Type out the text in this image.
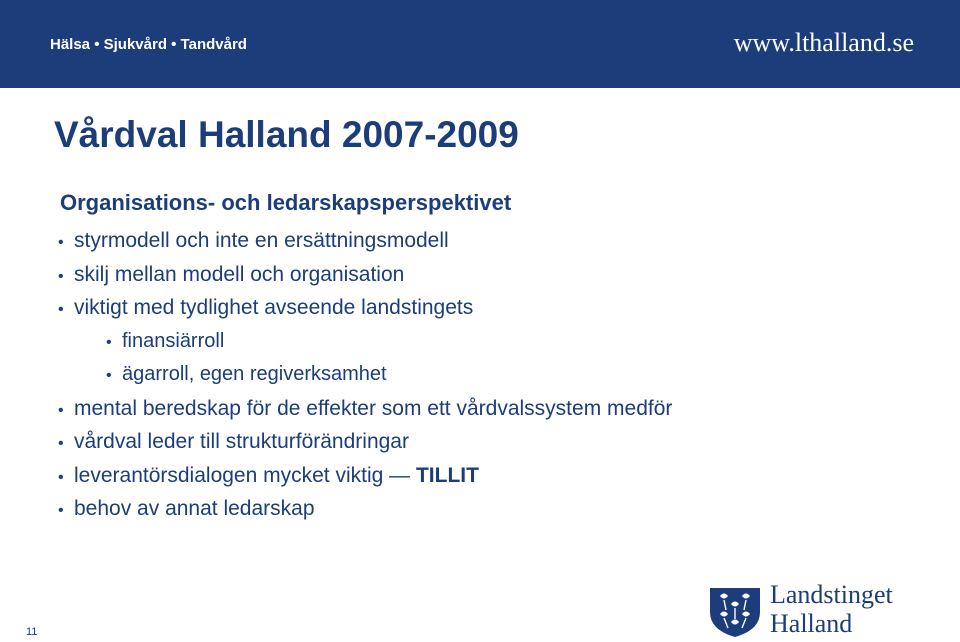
Hälsa • Sjukvård • Tandvård	www.lthalland.se
Vårdval Halland 2007-2009
Organisations- och ledarskapsperspektivet
• styrmodell och inte en ersättningsmodell
• skilj mellan modell och organisation
• viktigt med tydlighet avseende landstingets
• finansiärroll
• ägarroll, egen regiverksamhet
• mental beredskap för de effekter som ett vårdvalssystem medför
• vårdval leder till strukturförändringar
• leverantörsdialogen mycket viktig — TILLIT
• behov av annat ledarskap
11
Landstinget
Halland
